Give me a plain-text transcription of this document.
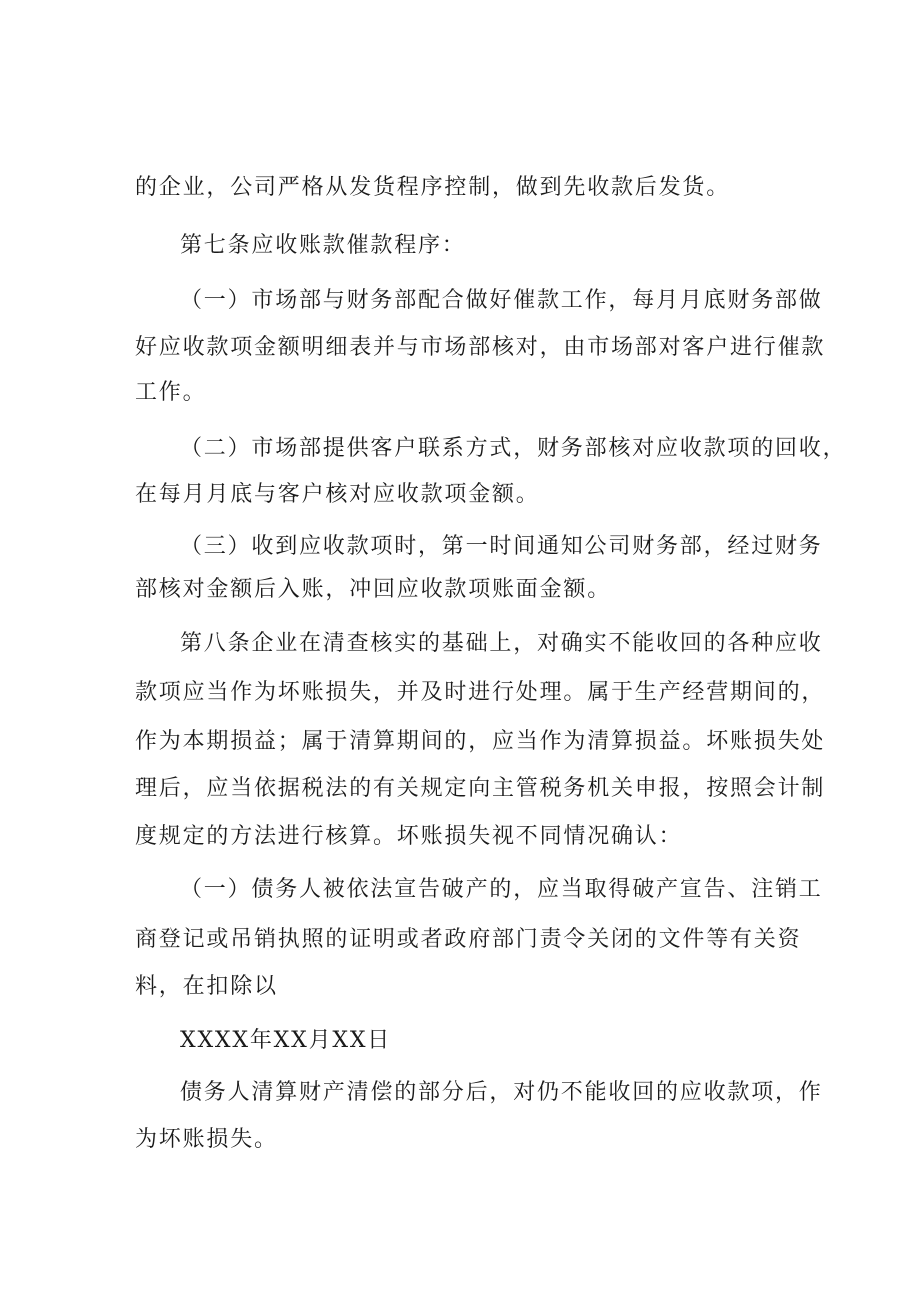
的企业，公司严格从发货程序控制，做到先收款后发货。
第七条应收账款催款程序：
（一）市场部与财务部配合做好催款工作，每月月底财务部做
好应收款项金额明细表并与市场部核对，由市场部对客户进行催款
工作。
（二）市场部提供客户联系方式，财务部核对应收款项的回收，
在每月月底与客户核对应收款项金额。
（三）收到应收款项时，第一时间通知公司财务部，经过财务
部核对金额后入账，冲回应收款项账面金额。
第八条企业在清查核实的基础上，对确实不能收回的各种应收
款项应当作为坏账损失，并及时进行处理。属于生产经营期间的，
作为本期损益；属于清算期间的，应当作为清算损益。坏账损失处
理后，应当依据税法的有关规定向主管税务机关申报，按照会计制
度规定的方法进行核算。坏账损失视不同情况确认：
（一）债务人被依法宣告破产的，应当取得破产宣告、注销工
商登记或吊销执照的证明或者政府部门责令关闭的文件等有关资
料，在扣除以
XXXX年XX月XX日
债务人清算财产清偿的部分后，对仍不能收回的应收款项，作
为坏账损失。
